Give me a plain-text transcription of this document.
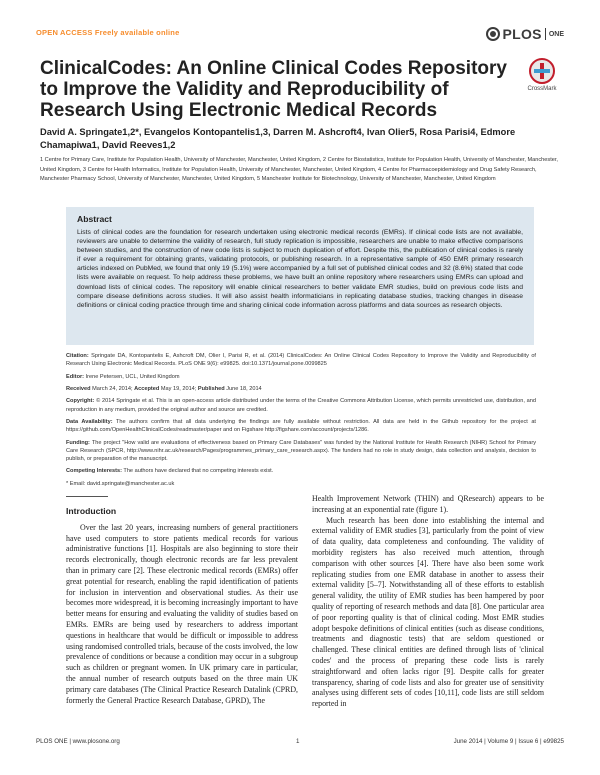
OPEN ACCESS Freely available online	PLOS ONE
ClinicalCodes: An Online Clinical Codes Repository to Improve the Validity and Reproducibility of Research Using Electronic Medical Records
CrossMark
David A. Springate1,2*, Evangelos Kontopantelis1,3, Darren M. Ashcroft4, Ivan Olier5, Rosa Parisi4, Edmore Chamapiwa1, David Reeves1,2
1 Centre for Primary Care, Institute for Population Health, University of Manchester, Manchester, United Kingdom, 2 Centre for Biostatistics, Institute for Population Health, University of Manchester, Manchester, United Kingdom, 3 Centre for Health Informatics, Institute for Population Health, University of Manchester, Manchester, United Kingdom, 4 Centre for Pharmacoepidemiology and Drug Safety Research, Manchester Pharmacy School, University of Manchester, Manchester, United Kingdom, 5 Manchester Institute for Biotechnology, University of Manchester, Manchester, United Kingdom
Abstract

Lists of clinical codes are the foundation for research undertaken using electronic medical records (EMRs). If clinical code lists are not available, reviewers are unable to determine the validity of research, full study replication is impossible, researchers are unable to make effective comparisons between studies, and the construction of new code lists is subject to much duplication of effort. Despite this, the publication of clinical codes is rarely if ever a requirement for obtaining grants, validating protocols, or publishing research. In a representative sample of 450 EMR primary research articles indexed on PubMed, we found that only 19 (5.1%) were accompanied by a full set of published clinical codes and 32 (8.6%) stated that code lists were available on request. To help address these problems, we have built an online repository where researchers using EMRs can upload and download lists of clinical codes. The repository will enable clinical researchers to better validate EMR studies, build on previous code lists and compare disease definitions across studies. It will also assist health informaticians in replicating database studies, tracking changes in disease definitions or clinical coding practice through time and sharing clinical code information across platforms and data sources as research objects.

Citation: Springate DA, Kontopantelis E, Ashcroft DM, Olier I, Parisi R, et al. (2014) ClinicalCodes: An Online Clinical Codes Repository to Improve the Validity and Reproducibility of Research Using Electronic Medical Records. PLoS ONE 9(6): e99825. doi:10.1371/journal.pone.0099825

Editor: Irene Petersen, UCL, United Kingdom

Received March 24, 2014; Accepted May 19, 2014; Published June 18, 2014

Copyright: © 2014 Springate et al. This is an open-access article distributed under the terms of the Creative Commons Attribution License, which permits unrestricted use, distribution, and reproduction in any medium, provided the original author and source are credited.

Data Availability: The authors confirm that all data underlying the findings are fully available without restriction. All data are held in the Github repository for the project at https://github.com/OpenHealthClinicalCodes/readmaster/paper and on Figshare http://figshare.com/account/projects/1286.

Funding: The project "How valid are evaluations of effectiveness based on Primary Care Databases" was funded by the National Institute for Health Research (NIHR) School for Primary Care Research (SPCR, http://www.nihr.ac.uk/research/Pages/programmes_primary_care_research.aspx). The funders had no role in study design, data collection and analysis, decision to publish, or preparation of the manuscript.

Competing Interests: The authors have declared that no competing interests exist.

* Email: david.springate@manchester.ac.uk

Introduction

Over the last 20 years, increasing numbers of general practitioners have used computers to store patients medical records for various administrative functions [1]. Hospitals are also beginning to store their records electronically, though electronic records are far less prevalent than in primary care [2]. These electronic medical records (EMRs) offer great potential for research, enabling the rapid identification of patients for inclusion in intervention and observational studies. As their use becomes more widespread, it is becoming increasingly important to have better means for ensuring and evaluating the validity of studies based on EMRs. EMRs are being used by researchers to address important questions in healthcare that would be difficult or impossible to address using randomised controlled trials, because of the costs involved, the low prevalence of conditions or because a condition may occur in a subgroup such as children or pregnant women. In UK primary care in particular, the annual number of research outputs based on the three main UK primary care databases (The Clinical Practice Research Datalink (CPRD, formerly the General Practice Research Database, GPRD), The

Health Improvement Network (THIN) and QResearch) appears to be increasing at an exponential rate (figure 1).

Much research has been done into establishing the internal and external validity of EMR studies [3], particularly from the point of view of data quality, data completeness and confounding. The validity of morbidity registers has also received much attention, through comparison with other sources [4]. There have also been some work replicating studies from one EMR database in another to assess their external validity [5–7]. Notwithstanding all of these efforts to establish general validity, the utility of EMR studies has been hampered by poor quality of reporting of research methods and data [8]. One particular area of poor reporting quality is that of clinical coding. Most EMR studies adopt bespoke definitions of clinical entities (such as disease conditions, treatments and diagnostic tests) that are seldom questioned or challenged. These clinical entities are defined through lists of 'clinical codes' and the process of preparing these code lists is rarely straightforward and often lacks rigor [9]. Despite calls for greater transparency, sharing of code lists and also for greater use of sensitivity analyses using different sets of codes [10,11], code lists are still seldom reported in

PLOS ONE | www.plosone.org	1	June 2014 | Volume 9 | Issue 6 | e99825
